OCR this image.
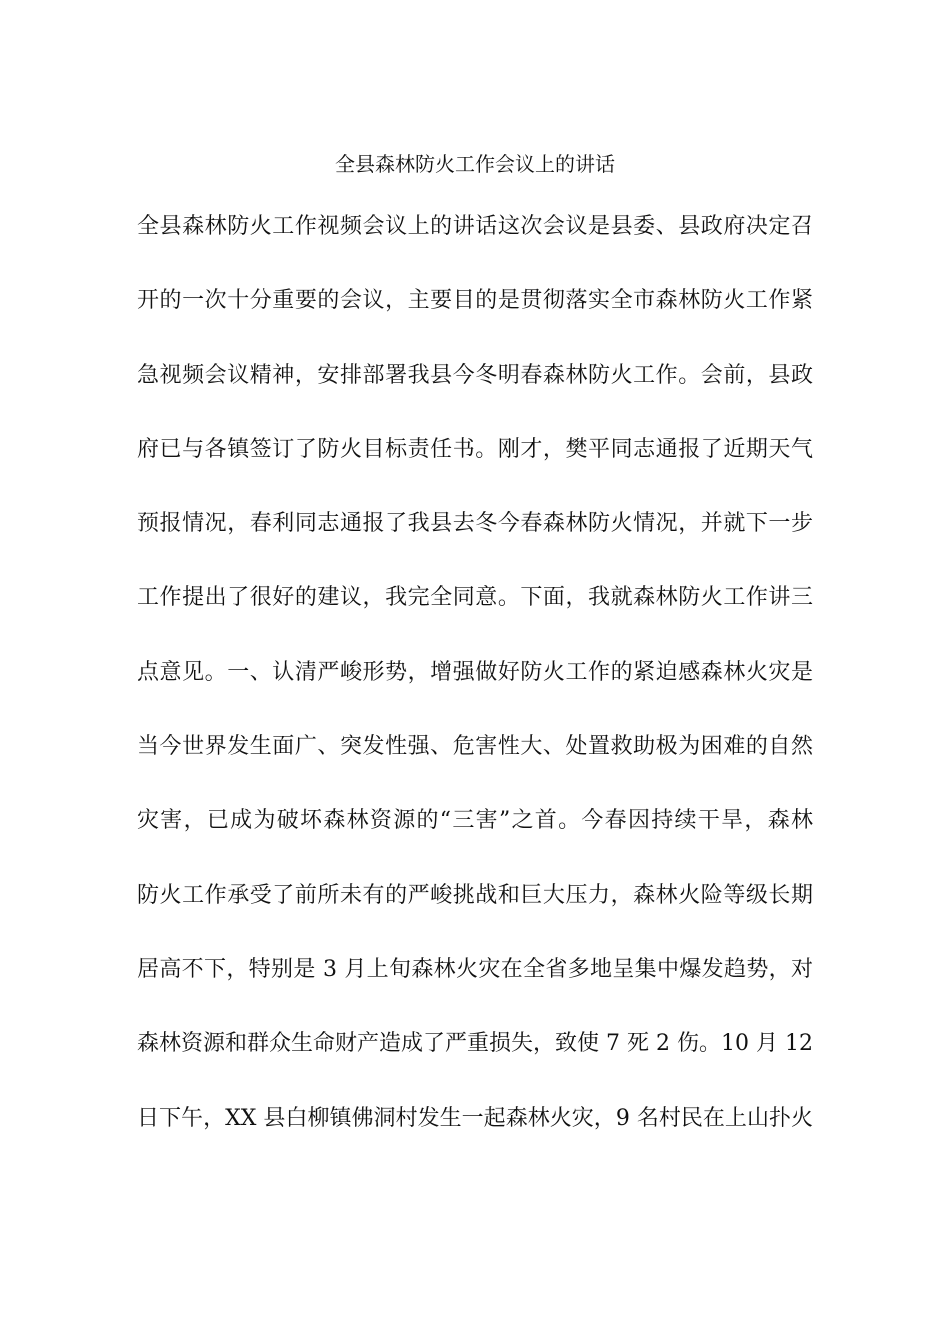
全县森林防火工作会议上的讲话
全县森林防火工作视频会议上的讲话这次会议是县委、县政府决定召
开的一次十分重要的会议，主要目的是贯彻落实全市森林防火工作紧
急视频会议精神，安排部署我县今冬明春森林防火工作。会前，县政
府已与各镇签订了防火目标责任书。刚才，樊平同志通报了近期天气
预报情况，春利同志通报了我县去冬今春森林防火情况，并就下一步
工作提出了很好的建议，我完全同意。下面，我就森林防火工作讲三
点意见。一、认清严峻形势，增强做好防火工作的紧迫感森林火灾是
当今世界发生面广、突发性强、危害性大、处置救助极为困难的自然
灾害，已成为破坏森林资源的“三害”之首。今春因持续干旱，森林
防火工作承受了前所未有的严峻挑战和巨大压力，森林火险等级长期
居高不下，特别是 3 月上旬森林火灾在全省多地呈集中爆发趋势，对
森林资源和群众生命财产造成了严重损失，致使 7 死 2 伤。10 月 12
日下午，XX 县白柳镇佛洞村发生一起森林火灾，9 名村民在上山扑火
